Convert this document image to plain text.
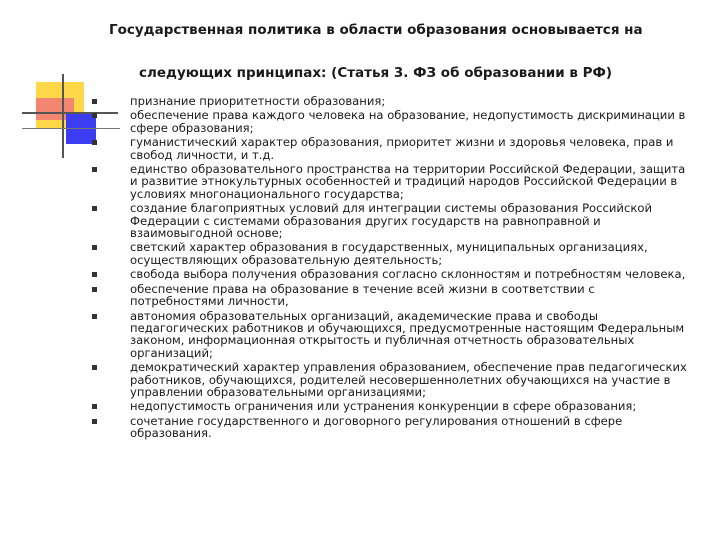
Государственная политика в области образования основывается на
следующих принципах: (Статья 3. ФЗ об образовании в РФ)
признание приоритетности образования;
обеспечение права каждого человека на образование, недопустимость дискриминации в сфере образования;
гуманистический характер образования, приоритет жизни и здоровья человека, прав и свобод личности, и т.д.
единство образовательного пространства на территории Российской Федерации, защита и развитие этнокультурных особенностей и традиций народов Российской Федерации в условиях многонационального государства;
создание благоприятных условий для интеграции системы образования Российской Федерации с системами образования других государств на равноправной и взаимовыгодной основе;
светский характер образования в государственных, муниципальных организациях, осуществляющих образовательную деятельность;
свобода выбора получения образования согласно склонностям и потребностям человека,
обеспечение права на образование в течение всей жизни в соответствии с потребностями личности,
автономия образовательных организаций, академические права и свободы педагогических работников и обучающихся, предусмотренные настоящим Федеральным законом, информационная открытость и публичная отчетность образовательных организаций;
демократический характер управления образованием, обеспечение прав педагогических работников, обучающихся, родителей несовершеннолетних обучающихся на участие в управлении образовательными организациями;
недопустимость ограничения или устранения конкуренции в сфере образования;
сочетание государственного и договорного регулирования отношений в сфере образования.
